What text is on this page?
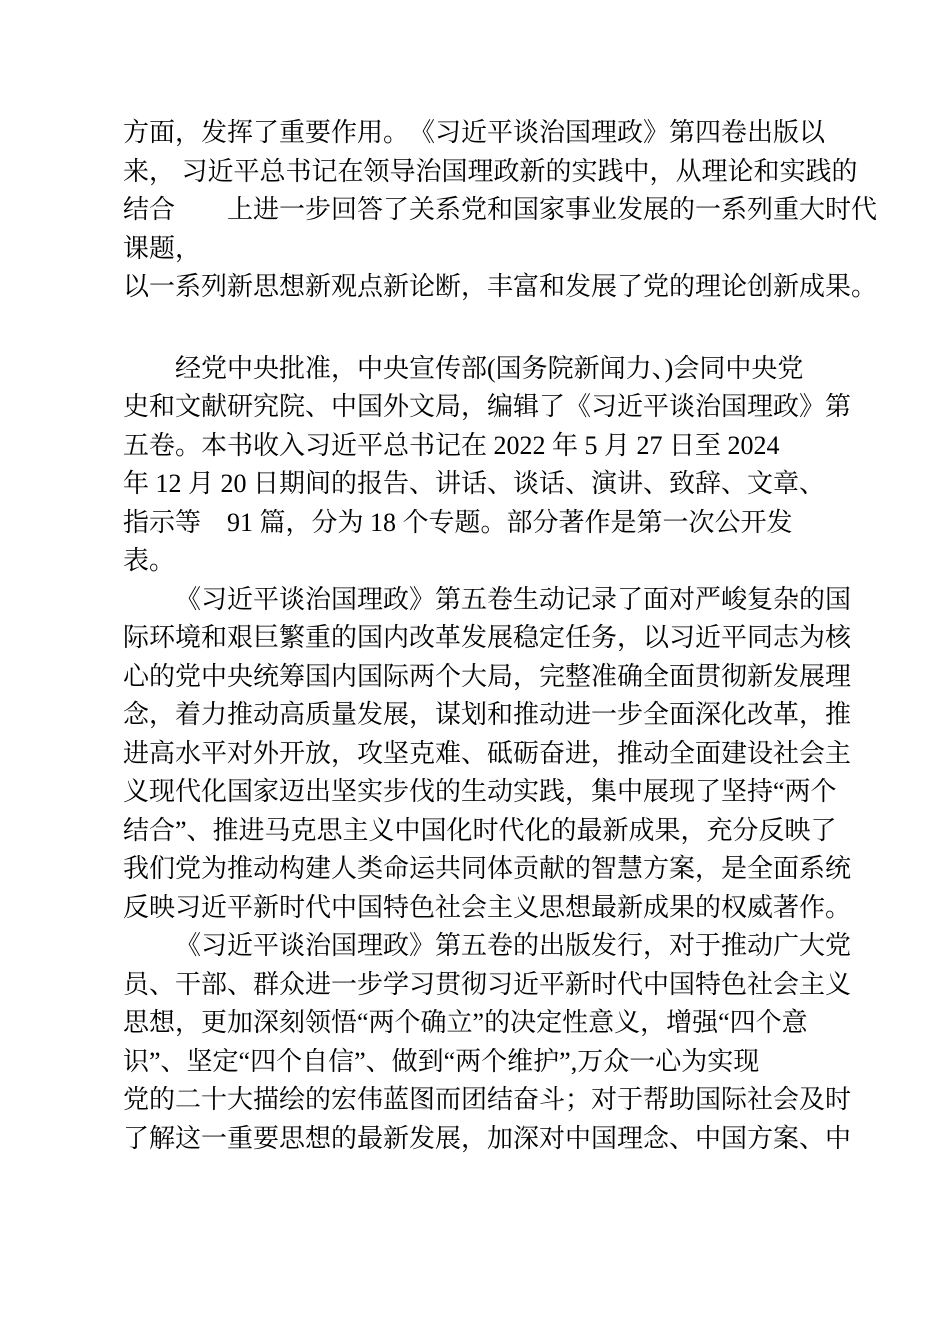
方面，发挥了重要作用。　《习近平谈治国理政》第四卷出版以
来， 习近平总书记在领导治国理政新的实践中，从理论和实践的
结合　　上进一步回答了关系党和国家事业发展的一系列重大时代
课题，
以一系列新思想新观点新论断，丰富和发展了党的理论创新成果。
经党中央批准，中央宣传部(国务院新闻力、)会同中央党
史和文献研究院、中国外文局，编辑了《习近平谈治国理政》第
五卷。本书收入习近平总书记在 2022 年 5 月 27 日至 2024
年 12 月 20 日期间的报告、讲话、谈话、演讲、致辞、文章、
指示等　91 篇，分为 18 个专题。部分著作是第一次公开发
表。
《习近平谈治国理政》第五卷生动记录了面对严峻复杂的国
际环境和艰巨繁重的国内改革发展稳定任务，以习近平同志为核
心的党中央统筹国内国际两个大局，完整准确全面贯彻新发展理
念，着力推动高质量发展，谋划和推动进一步全面深化改革，推
进高水平对外开放，攻坚克难、砥砺奋进，推动全面建设社会主
义现代化国家迈出坚实步伐的生动实践，集中展现了坚持“两个
结合”、推进马克思主义中国化时代化的最新成果，充分反映了
我们党为推动构建人类命运共同体贡献的智慧方案，是全面系统
反映习近平新时代中国特色社会主义思想最新成果的权威著作。
《习近平谈治国理政》第五卷的出版发行，对于推动广大党
员、干部、群众进一步学习贯彻习近平新时代中国特色社会主义
思想，更加深刻领悟“两个确立”的决定性意义，增强“四个意
识”、坚定“四个自信”、做到“两个维护”,万众一心为实现
党的二十大描绘的宏伟蓝图而团结奋斗；对于帮助国际社会及时
了解这一重要思想的最新发展，加深对中国理念、中国方案、中
